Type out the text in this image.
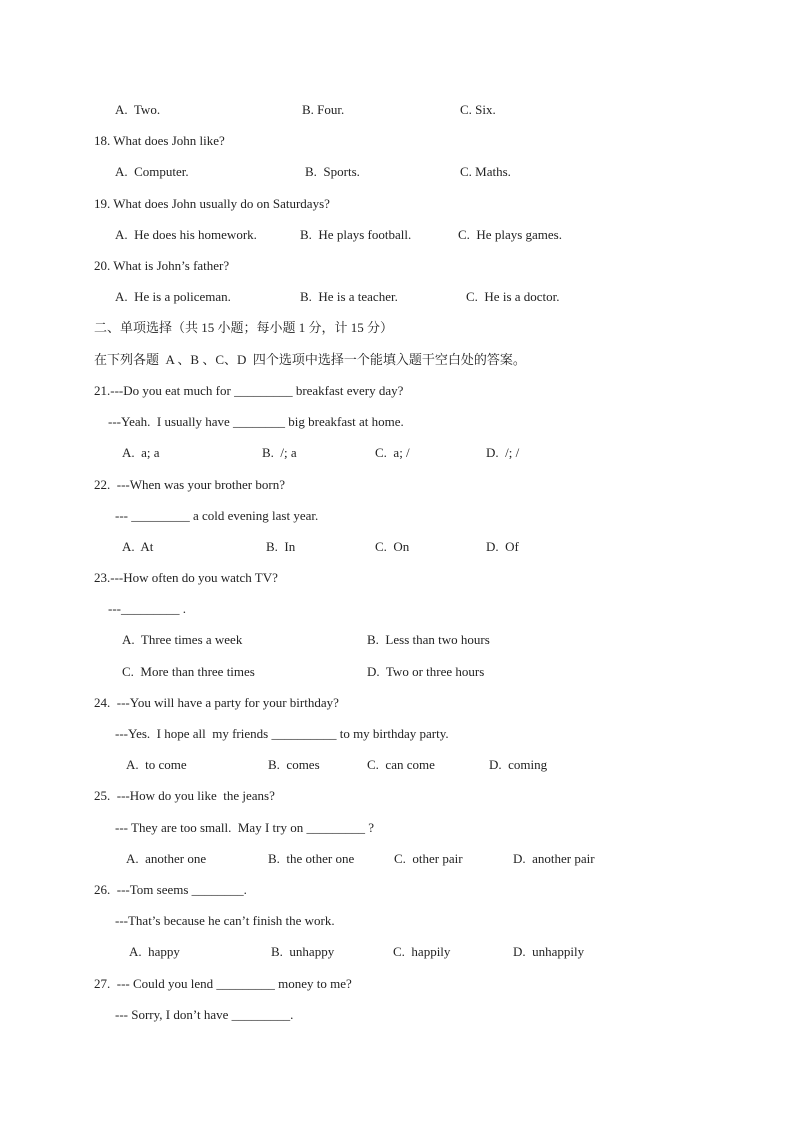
A.  Two.	B. Four.	C. Six.
18. What does John like?
A.  Computer.	B.  Sports.	C. Maths.
19. What does John usually do on Saturdays?
A.  He does his homework.	B.  He plays football.	C.  He plays games.
20. What is John’s father?
A.  He is a policeman.	B.  He is a teacher.	C.  He is a doctor.
二、单项选择（共 15 小题；每小题 1 分，计 15 分）
在下列各题  A 、B 、C、D  四个选项中选择一个能填入题干空白处的答案。
21.---Do you eat much for _________ breakfast every day?
---Yeah.  I usually have ________ big breakfast at home.
A.  a; a	B.  /; a	C.  a; /	D.  /; /
22.  ---When was your brother born?
--- _________ a cold evening last year.
A.  At	B.  In	C.  On	D.  Of
23.---How often do you watch TV?
---_________ .
A.  Three times a week	B.  Less than two hours
C.  More than three times	D.  Two or three hours
24.  ---You will have a party for your birthday?
---Yes.  I hope all  my friends __________ to my birthday party.
A.  to come	B.  comes	C.  can come	D.  coming
25.  ---How do you like  the jeans?
--- They are too small.  May I try on _________ ?
A.  another one	B.  the other one	C.  other pair	D.  another pair
26.  ---Tom seems ________.
---That’s because he can’t finish the work.
A.  happy	B.  unhappy	C.  happily	D.  unhappily
27.  --- Could you lend _________ money to me?
--- Sorry, I don’t have _________.
